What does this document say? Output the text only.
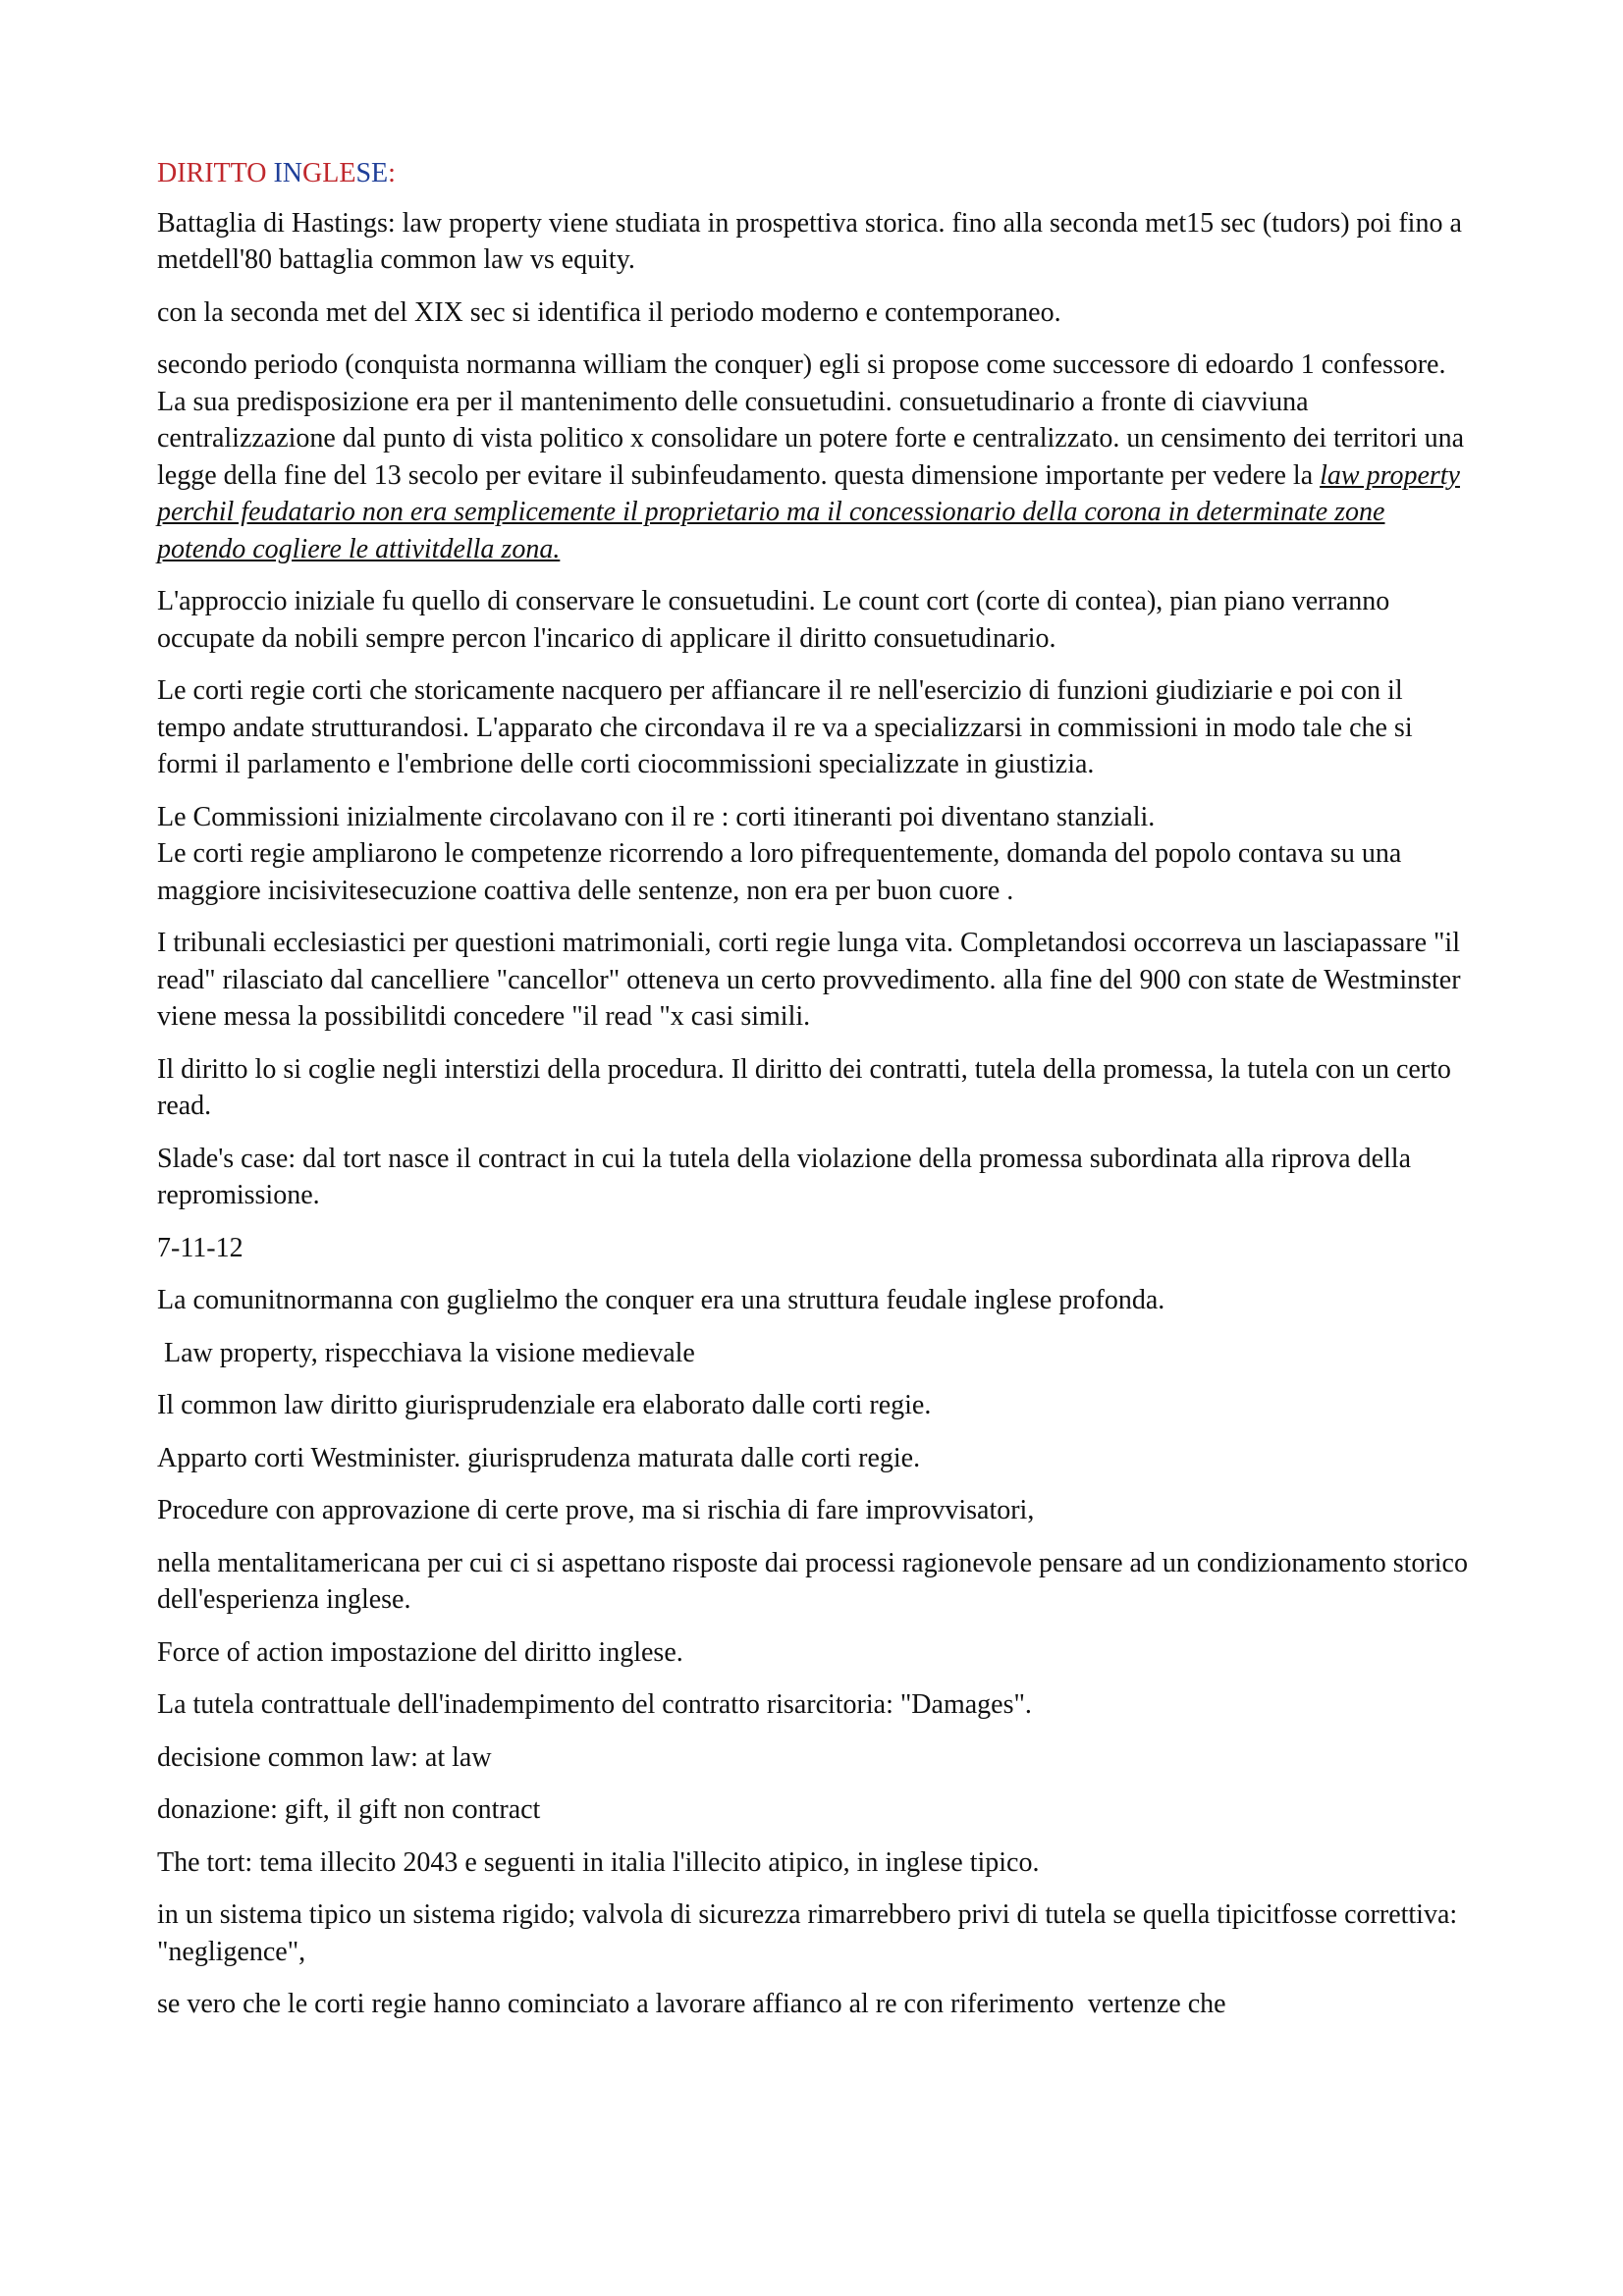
DIRITTO INGLESE:
Battaglia di Hastings: law property viene studiata in prospettiva storica. fino alla seconda met15 sec (tudors) poi fino a metdell'80 battaglia common law vs equity.
con la seconda met del XIX sec si identifica il periodo moderno e contemporaneo.
secondo periodo (conquista normanna william the conquer) egli si propose come successore di edoardo 1 confessore. La sua predisposizione era per il mantenimento delle consuetudini. consuetudinario a fronte di ciavviuna centralizzazione dal punto di vista politico x consolidare un potere forte e centralizzato. un censimento dei territori una legge della fine del 13 secolo per evitare il subinfeudamento. questa dimensione importante per vedere la law property perchil feudatario non era semplicemente il proprietario ma il concessionario della corona in determinate zone potendo cogliere le attivitdella zona.
L'approccio iniziale fu quello di conservare le consuetudini. Le count cort (corte di contea), pian piano verranno occupate da nobili sempre percon l'incarico di applicare il diritto consuetudinario.
Le corti regie corti che storicamente nacquero per affiancare il re nell'esercizio di funzioni giudiziarie e poi con il tempo andate strutturandosi. L'apparato che circondava il re va a specializzarsi in commissioni in modo tale che si formi il parlamento e l'embrione delle corti ciocommissioni specializzate in giustizia.
Le Commissioni inizialmente circolavano con il re : corti itineranti poi diventano stanziali.
Le corti regie ampliarono le competenze ricorrendo a loro pifrequentemente, domanda del popolo contava su una maggiore incisivitesecuzione coattiva delle sentenze, non era per buon cuore .
I tribunali ecclesiastici per questioni matrimoniali, corti regie lunga vita. Completandosi occorreva un lasciapassare "il read" rilasciato dal cancelliere "cancellor" otteneva un certo provvedimento. alla fine del 900 con state de Westminster viene messa la possibilitdi concedere "il read "x casi simili.
Il diritto lo si coglie negli interstizi della procedura. Il diritto dei contratti, tutela della promessa, la tutela con un certo read.
Slade's case: dal tort nasce il contract in cui la tutela della violazione della promessa subordinata alla riprova della repromissione.
7-11-12
La comunitnormanna con guglielmo the conquer era una struttura feudale inglese profonda.
Law property, rispecchiava la visione medievale
Il common law diritto giurisprudenziale era elaborato dalle corti regie.
Apparto corti Westminister. giurisprudenza maturata dalle corti regie.
Procedure con approvazione di certe prove, ma si rischia di fare improvvisatori,
nella mentalitamericana per cui ci si aspettano risposte dai processi ragionevole pensare ad un condizionamento storico dell'esperienza inglese.
Force of action impostazione del diritto inglese.
La tutela contrattuale dell'inadempimento del contratto risarcitoria: "Damages".
decisione common law: at law
donazione: gift, il gift non contract
The tort: tema illecito 2043 e seguenti in italia l'illecito atipico, in inglese tipico.
in un sistema tipico un sistema rigido; valvola di sicurezza rimarrebbero privi di tutela se quella tipicitfosse correttiva: "negligence",
se vero che le corti regie hanno cominciato a lavorare affianco al re con riferimento  vertenze che
